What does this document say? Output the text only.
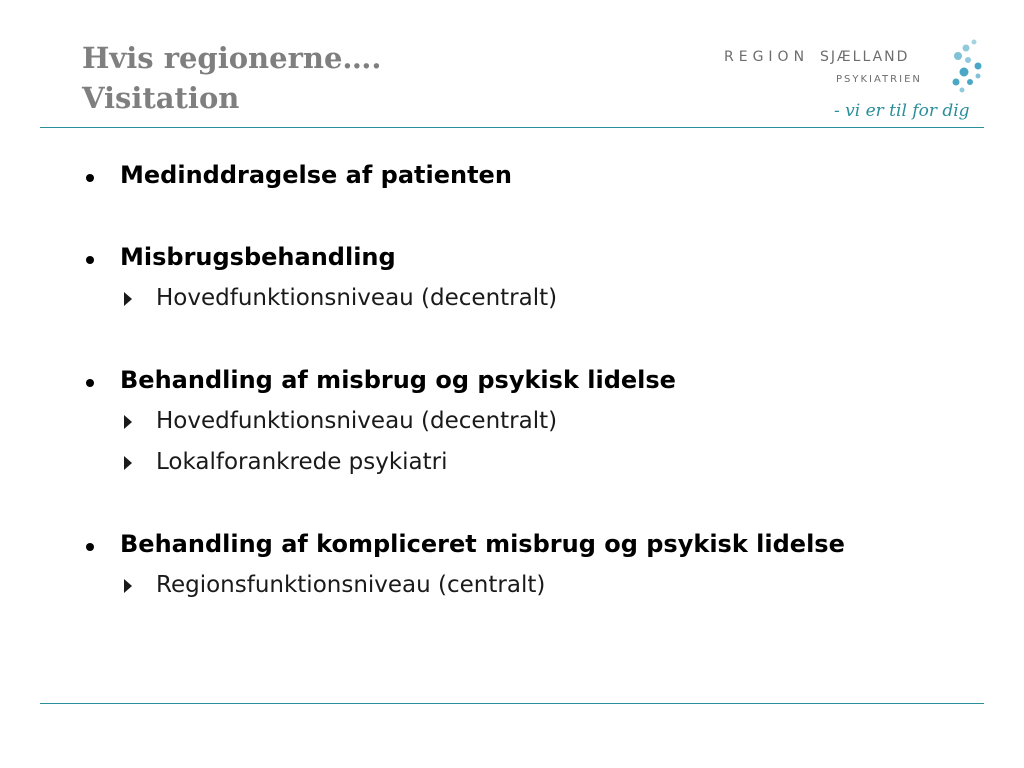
Hvis regionerne….
Visitation
REGION SJÆLLAND
PSYKIATRIEN
- vi er til for dig
Medinddragelse af patienten
Misbrugsbehandling
Hovedfunktionsniveau (decentralt)
Behandling af misbrug og psykisk lidelse
Hovedfunktionsniveau (decentralt)
Lokalforankrede psykiatri
Behandling af kompliceret misbrug og psykisk lidelse
Regionsfunktionsniveau (centralt)
